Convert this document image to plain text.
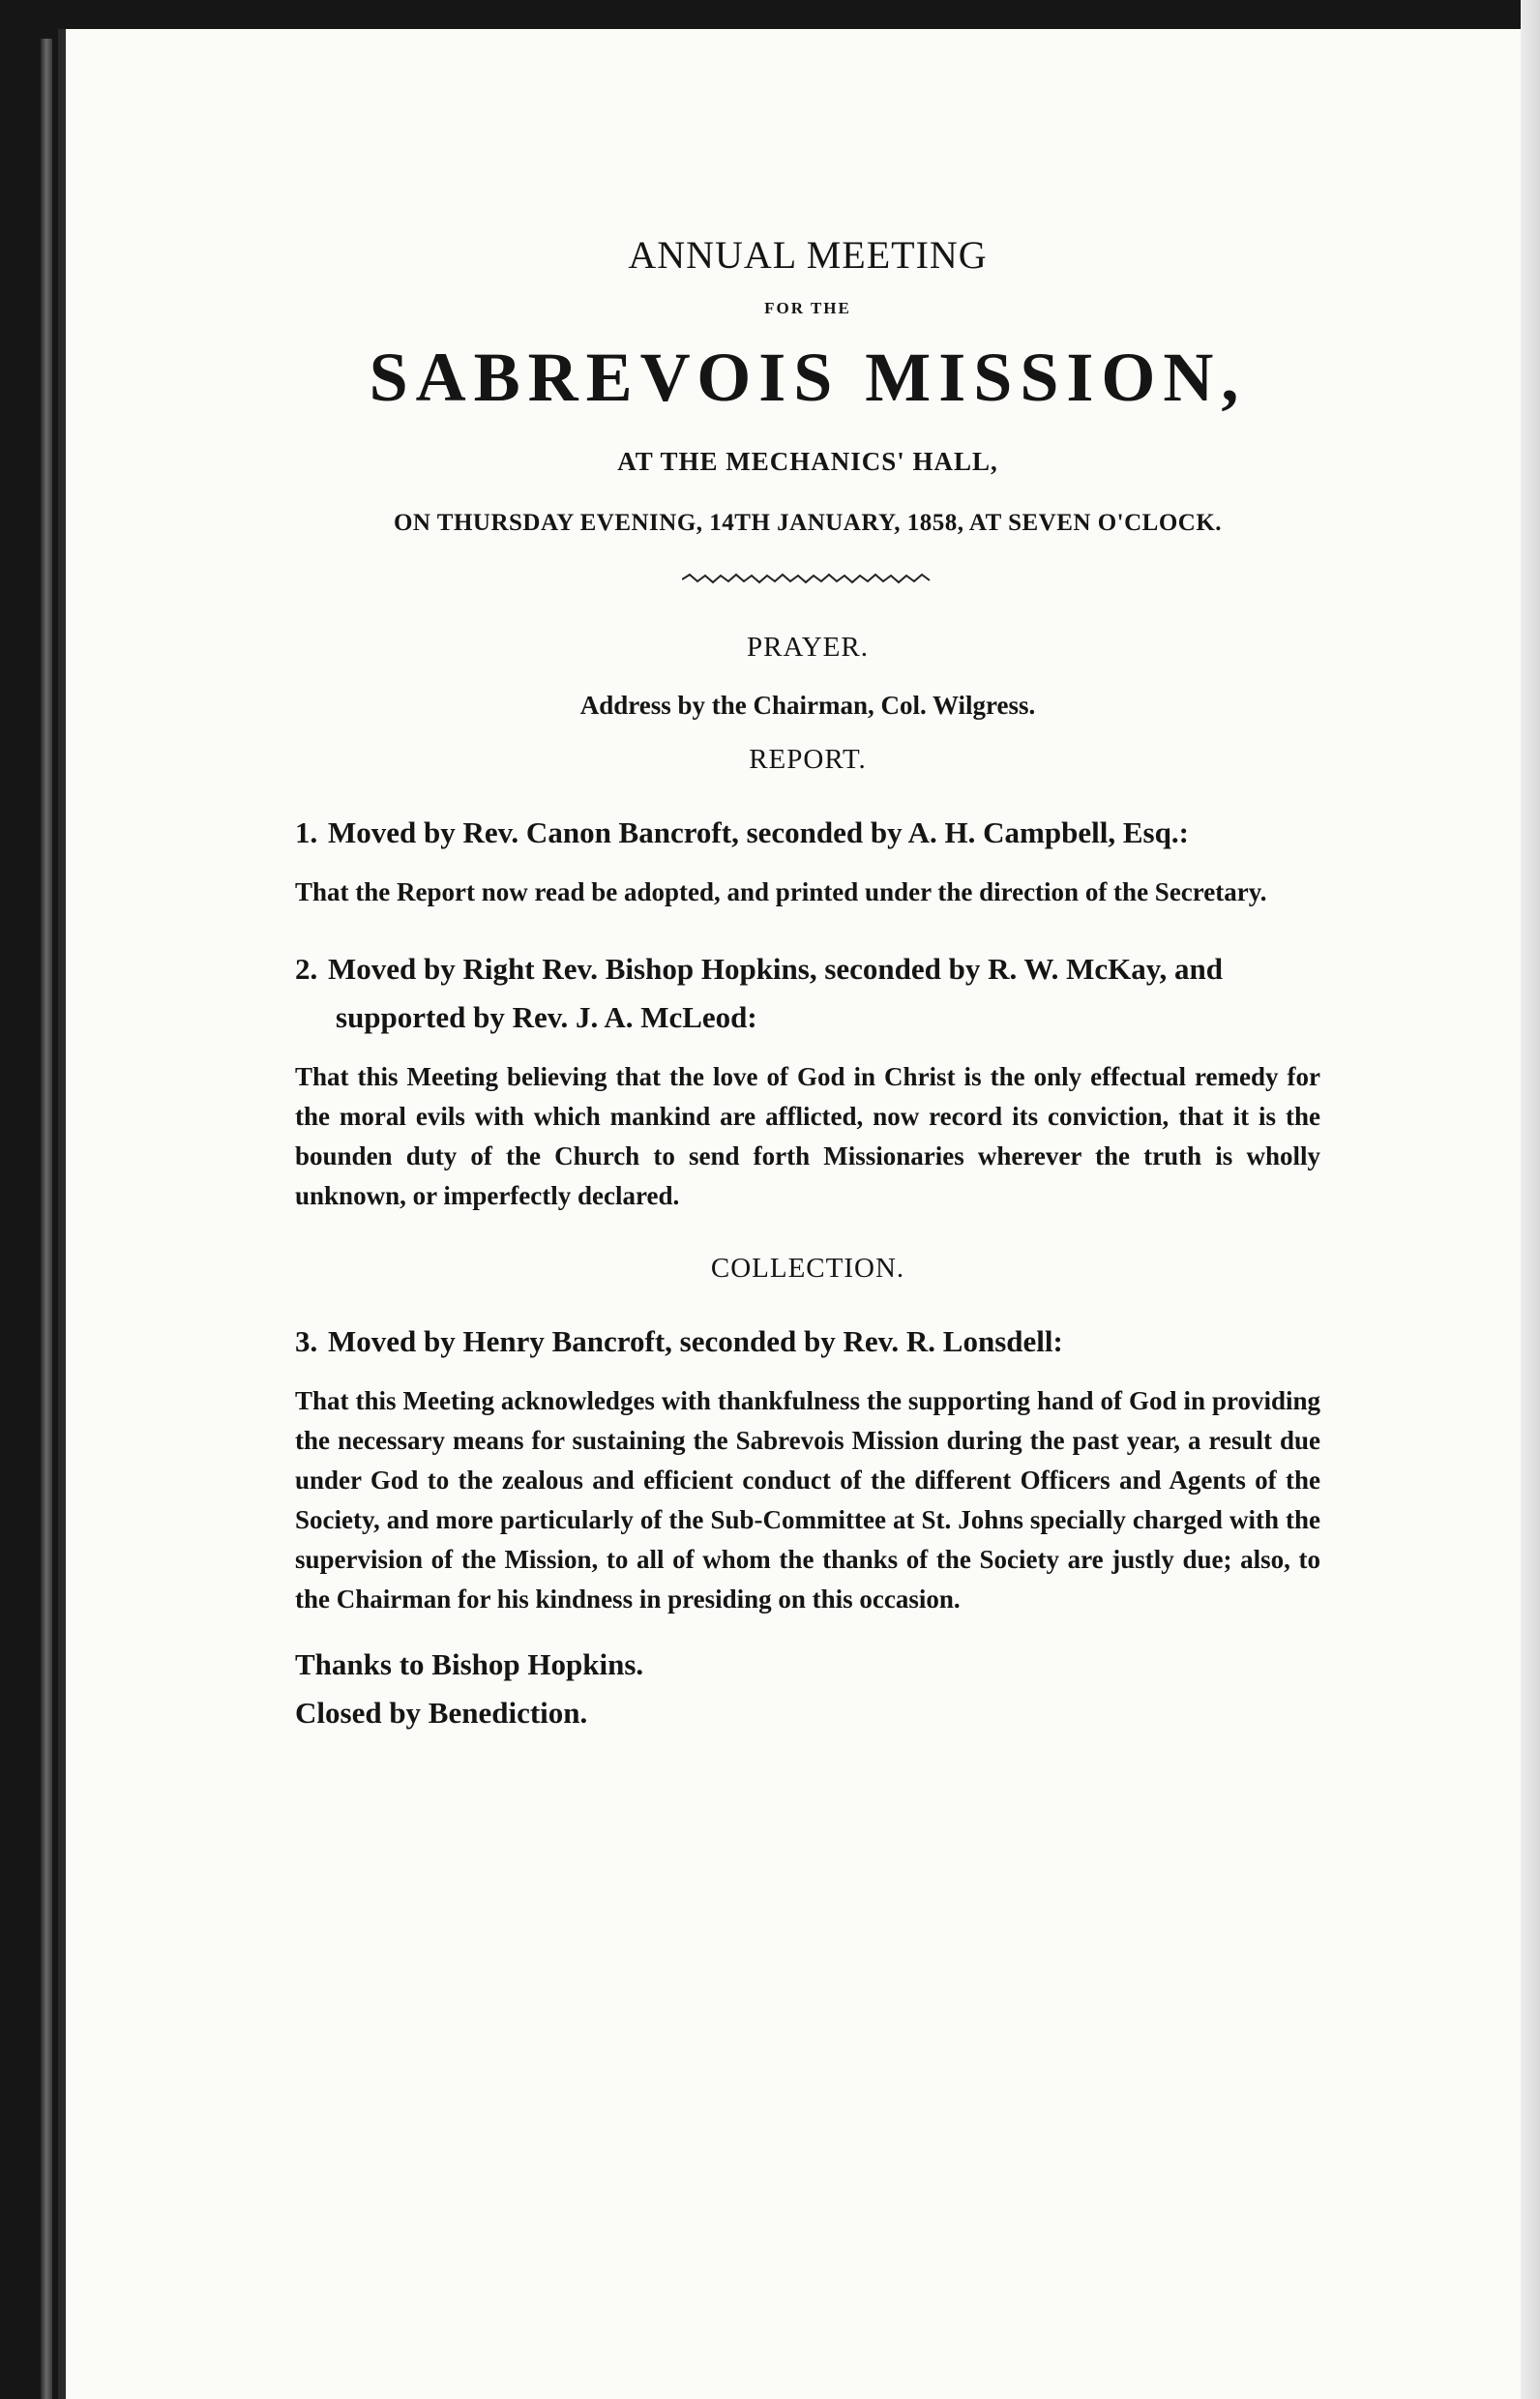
ANNUAL MEETING

FOR THE

SABREVOIS MISSION,

AT THE MECHANICS' HALL,

ON THURSDAY EVENING, 14TH JANUARY, 1858, AT SEVEN O'CLOCK.

PRAYER.

Address by the Chairman, Col. Wilgress.

REPORT.

1. Moved by Rev. Canon Bancroft, seconded by A. H. Campbell, Esq.:

That the Report now read be adopted, and printed under the direction of the Secretary.

2. Moved by Right Rev. Bishop Hopkins, seconded by R. W. McKay, and supported by Rev. J. A. McLeod:

That this Meeting believing that the love of God in Christ is the only effectual remedy for the moral evils with which mankind are afflicted, now record its conviction, that it is the bounden duty of the Church to send forth Missionaries wherever the truth is wholly unknown, or imperfectly declared.

COLLECTION.

3. Moved by Henry Bancroft, seconded by Rev. R. Lonsdell:

That this Meeting acknowledges with thankfulness the supporting hand of God in providing the necessary means for sustaining the Sabrevois Mission during the past year, a result due under God to the zealous and efficient conduct of the different Officers and Agents of the Society, and more particularly of the Sub-Committee at St. Johns specially charged with the supervision of the Mission, to all of whom the thanks of the Society are justly due; also, to the Chairman for his kindness in presiding on this occasion.

Thanks to Bishop Hopkins.
Closed by Benediction.
